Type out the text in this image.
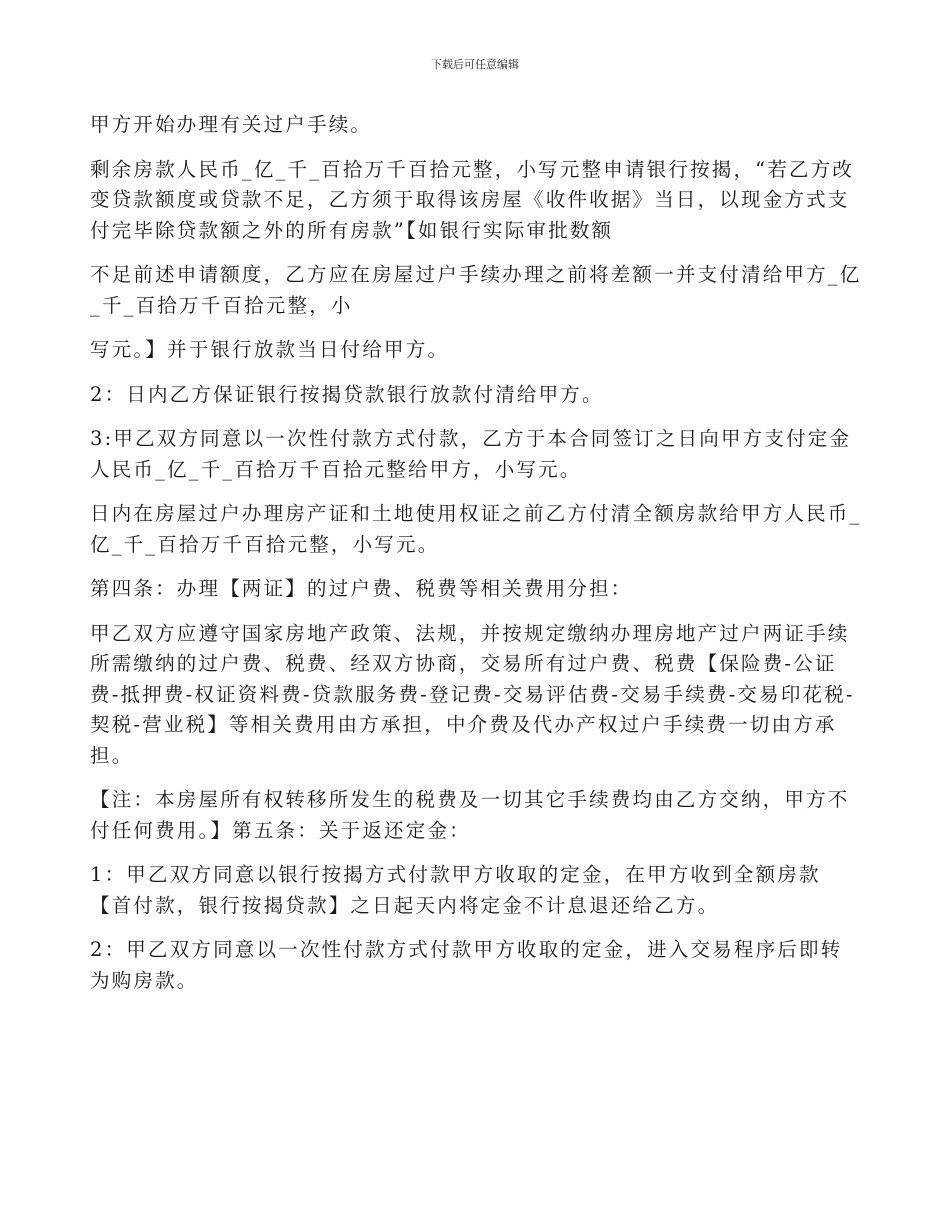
下载后可任意编辑

甲方开始办理有关过户手续。

剩余房款人民币_亿_千_百拾万千百拾元整，小写元整申请银行按揭，“若乙方改变贷款额度或贷款不足，乙方须于取得该房屋《收件收据》当日，以现金方式支付完毕除贷款额之外的所有房款”【如银行实际审批数额

不足前述申请额度，乙方应在房屋过户手续办理之前将差额一并支付清给甲方_亿_千_百拾万千百拾元整，小

写元。】并于银行放款当日付给甲方。

2：日内乙方保证银行按揭贷款银行放款付清给甲方。

3:甲乙双方同意以一次性付款方式付款，乙方于本合同签订之日向甲方支付定金人民币_亿_千_百拾万千百拾元整给甲方，小写元。

日内在房屋过户办理房产证和土地使用权证之前乙方付清全额房款给甲方人民币_亿_千_百拾万千百拾元整，小写元。

第四条：办理【两证】的过户费、税费等相关费用分担：

甲乙双方应遵守国家房地产政策、法规，并按规定缴纳办理房地产过户两证手续所需缴纳的过户费、税费、经双方协商，交易所有过户费、税费【保险费-公证费-抵押费-权证资料费-贷款服务费-登记费-交易评估费-交易手续费-交易印花税-契税-营业税】等相关费用由方承担，中介费及代办产权过户手续费一切由方承担。

【注：本房屋所有权转移所发生的税费及一切其它手续费均由乙方交纳，甲方不付任何费用。】第五条：关于返还定金：

1：甲乙双方同意以银行按揭方式付款甲方收取的定金，在甲方收到全额房款【首付款，银行按揭贷款】之日起天内将定金不计息退还给乙方。

2：甲乙双方同意以一次性付款方式付款甲方收取的定金，进入交易程序后即转为购房款。
